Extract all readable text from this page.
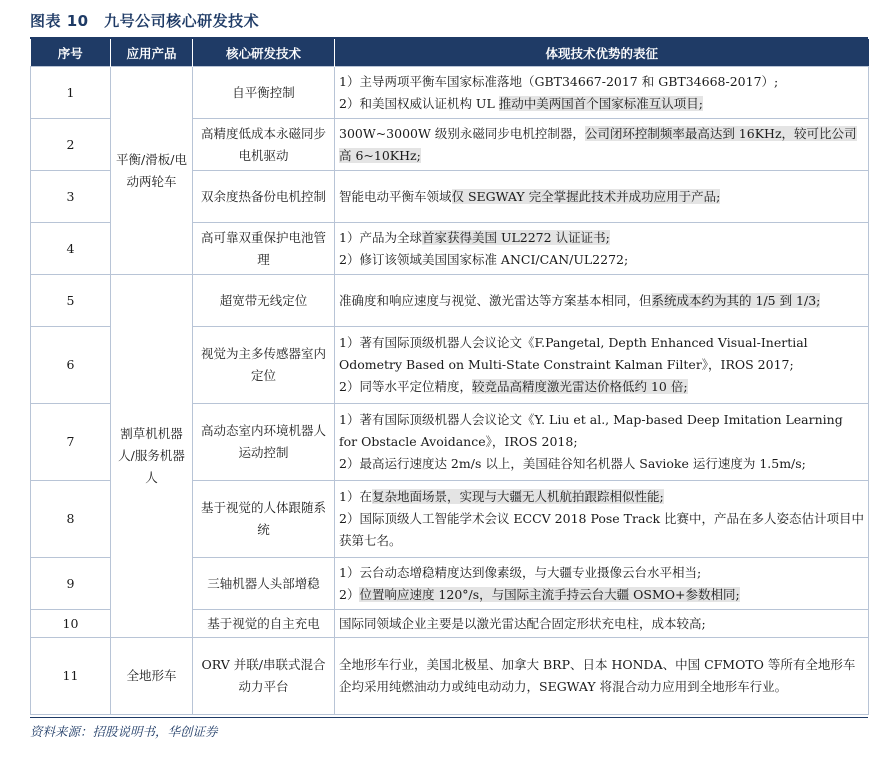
图表 10　九号公司核心研发技术
序号	应用产品	核心研发技术	体现技术优势的表征
1	平衡/滑板/电动两轮车	自平衡控制	1）主导两项平衡车国家标准落地（GBT34667-2017 和 GBT34668-2017）;
2）和美国权威认证机构 UL 推动中美两国首个国家标准互认项目;

2		高精度低成本永磁同步电机驱动	300W~3000W 级别永磁同步电机控制器，公司闭环控制频率最高达到 16KHz，较可比公司高 6~10KHz;
3		双余度热备份电机控制	智能电动平衡车领域仅 SEGWAY 完全掌握此技术并成功应用于产品;
4		高可靠双重保护电池管理	1）产品为全球首家获得美国 UL2272 认证证书;
2）修订该领域美国国家标准 ANCI/CAN/UL2272;

5	割草机机器人/服务机器人	超宽带无线定位	准确度和响应速度与视觉、激光雷达等方案基本相同，但系统成本约为其的 1/5 到 1/3;
6		视觉为主多传感器室内定位	1）著有国际顶级机器人会议论文《F.Pangetal, Depth Enhanced Visual-Inertial Odometry Based on Multi-State Constraint Kalman Filter》，IROS 2017;
2）同等水平定位精度，较竞品高精度激光雷达价格低约 10 倍;

7		高动态室内环境机器人运动控制	1）著有国际顶级机器人会议论文《Y. Liu et al., Map-based Deep Imitation Learning for Obstacle Avoidance》，IROS 2018;
2）最高运行速度达 2m/s 以上，美国硅谷知名机器人 Savioke 运行速度为 1.5m/s;

8		基于视觉的人体跟随系统	1）在复杂地面场景，实现与大疆无人机航拍跟踪相似性能;
2）国际顶级人工智能学术会议 ECCV 2018 Pose Track 比赛中，产品在多人姿态估计项目中获第七名。

9		三轴机器人头部增稳	1）云台动态增稳精度达到像素级，与大疆专业摄像云台水平相当;
2）位置响应速度 120°/s，与国际主流手持云台大疆 OSMO+参数相同;

10		基于视觉的自主充电	国际同领域企业主要是以激光雷达配合固定形状充电柱，成本较高;
11	全地形车	ORV 并联/串联式混合动力平台	全地形车行业，美国北极星、加拿大 BRP、日本 HONDA、中国 CFMOTO 等所有全地形车企均采用纯燃油动力或纯电动动力，SEGWAY 将混合动力应用到全地形车行业。
资料来源：招股说明书，华创证券
